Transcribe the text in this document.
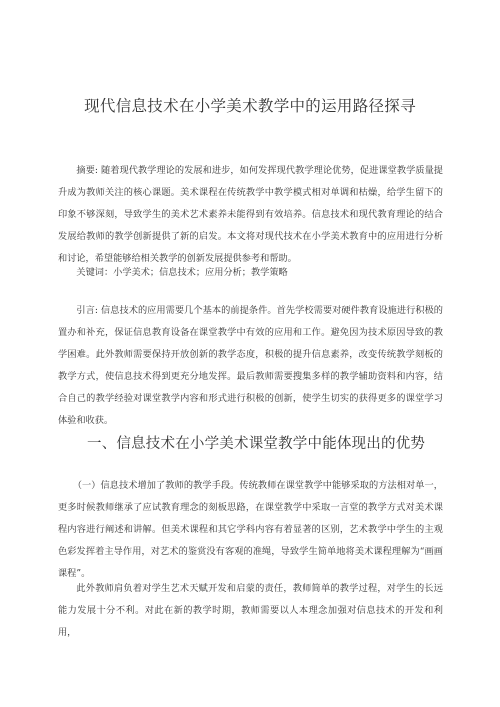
现代信息技术在小学美术教学中的运用路径探寻
摘要: 随着现代教学理论的发展和进步，如何发挥现代教学理论优势，促进课堂教学质量提升成为教师关注的核心课题。美术课程在传统教学中教学模式相对单调和枯燥，给学生留下的印象不够深刻，导致学生的美术艺术素养未能得到有效培养。信息技术和现代教育理论的结合发展给教师的教学创新提供了新的启发。本文将对现代技术在小学美术教育中的应用进行分析和讨论，希望能够给相关教学的创新发展提供参考和帮助。
关键词：小学美术；信息技术；应用分析；教学策略
引言: 信息技术的应用需要几个基本的前提条件。首先学校需要对硬件教育设施进行积极的置办和补充，保证信息教育设备在课堂教学中有效的应用和工作。避免因为技术原因导致的教学困难。此外教师需要保持开放创新的教学态度，积极的提升信息素养，改变传统教学刻板的教学方式，使信息技术得到更充分地发挥。最后教师需要搜集多样的教学辅助资料和内容，结合自己的教学经验对课堂教学内容和形式进行积极的创新，使学生切实的获得更多的课堂学习体验和收获。
一、信息技术在小学美术课堂教学中能体现出的优势
（一）信息技术增加了教师的教学手段。传统教师在课堂教学中能够采取的方法相对单一，更多时候教师继承了应试教育理念的刻板思路，在课堂教学中采取一言堂的教学方式对美术课程内容进行阐述和讲解。但美术课程和其它学科内容有着显著的区别，艺术教学中学生的主观色彩发挥着主导作用，对艺术的鉴赏没有客观的准绳，导致学生简单地将美术课程理解为“画画课程”。
此外教师肩负着对学生艺术天赋开发和启蒙的责任，教师简单的教学过程，对学生的长远能力发展十分不利。对此在新的教学时期，教师需要以人本理念加强对信息技术的开发和利用，
